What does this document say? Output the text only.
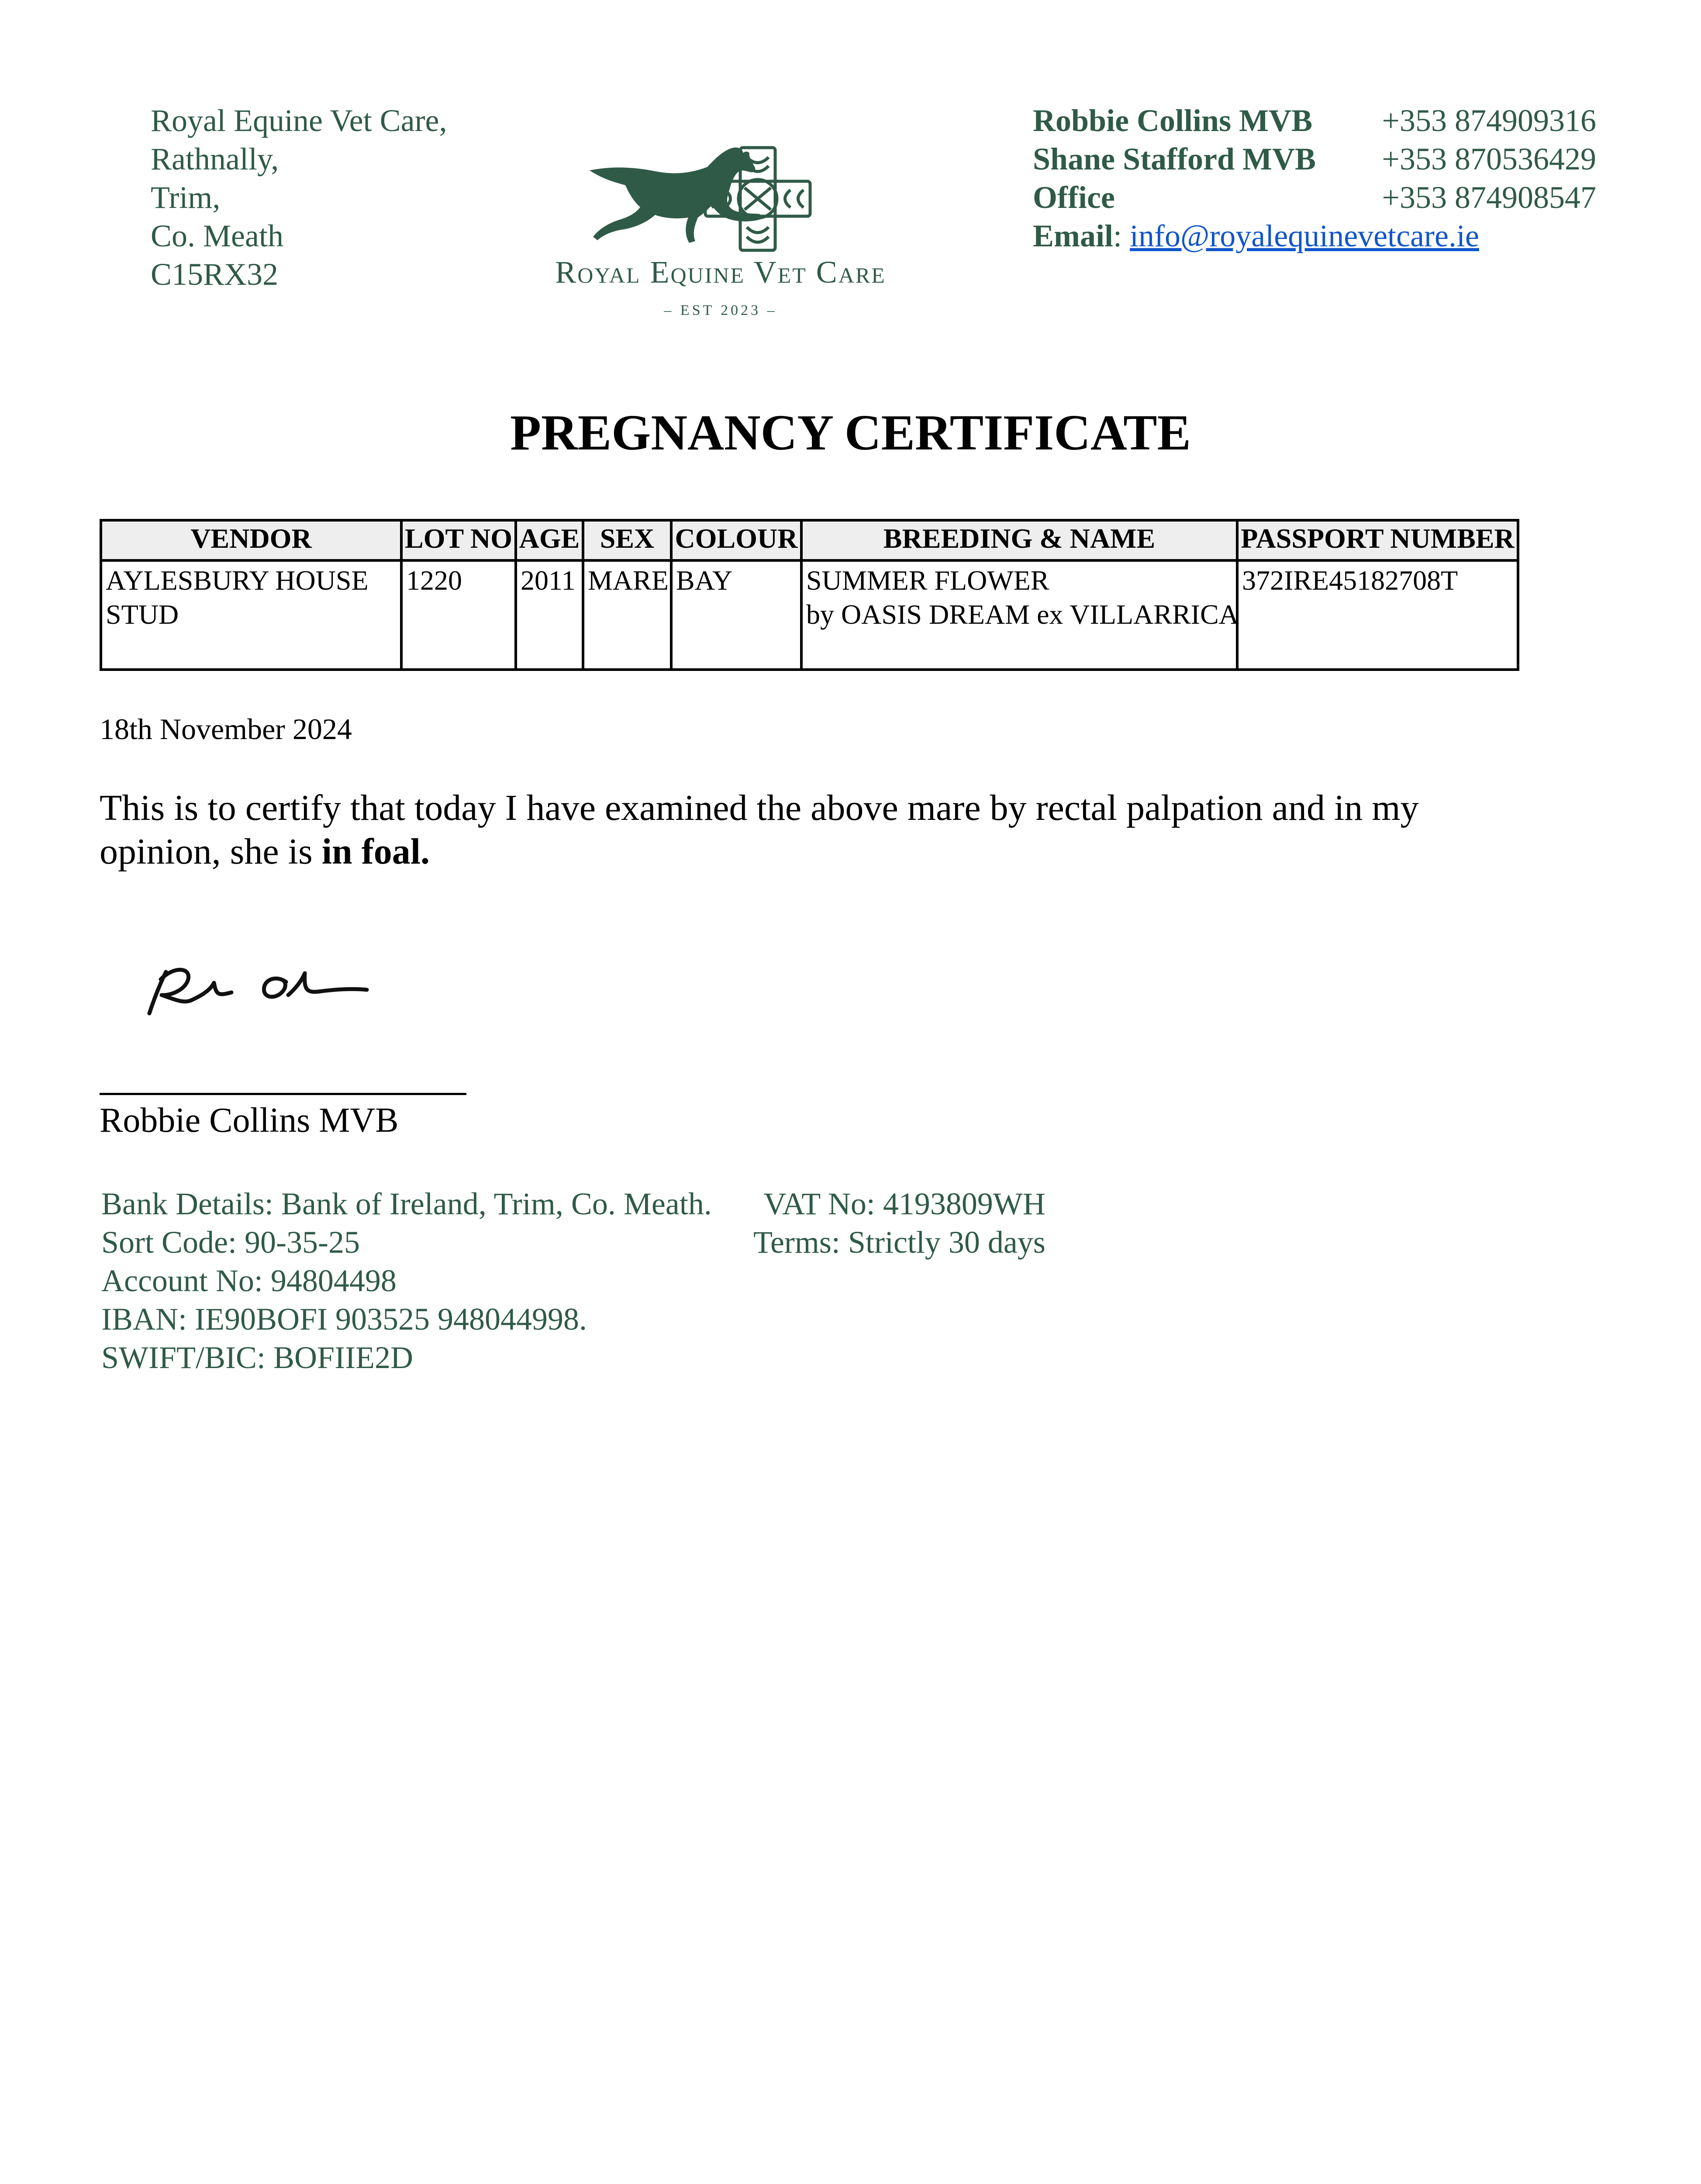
Royal Equine Vet Care,
Rathnally,
Trim,
Co. Meath
C15RX32	Royal Equine Vet Care
– EST 2023 –
Robbie Collins MVB +353 874909316
Shane Stafford MVB +353 870536429
Office	+353 874908547
Email: info@royalequinevetcare.ie
PREGNANCY CERTIFICATE
VENDOR	LOT NO	AGE	SEX	COLOUR	BREEDING & NAME	PASSPORT NUMBER
AYLESBURY HOUSE STUD	1220	2011	MARE	BAY	SUMMER FLOWER
by OASIS DREAM ex VILLARRICA	372IRE45182708T
18th November 2024
This is to certify that today I have examined the above mare by rectal palpation and in my opinion, she is in foal.
Robbie Collins MVB
Bank Details: Bank of Ireland, Trim, Co. Meath.
Sort Code: 90-35-25
Account No: 94804498
IBAN: IE90BOFI 903525 948044998.
SWIFT/BIC: BOFIIE2D
VAT No: 4193809WH
Terms: Strictly 30 days
